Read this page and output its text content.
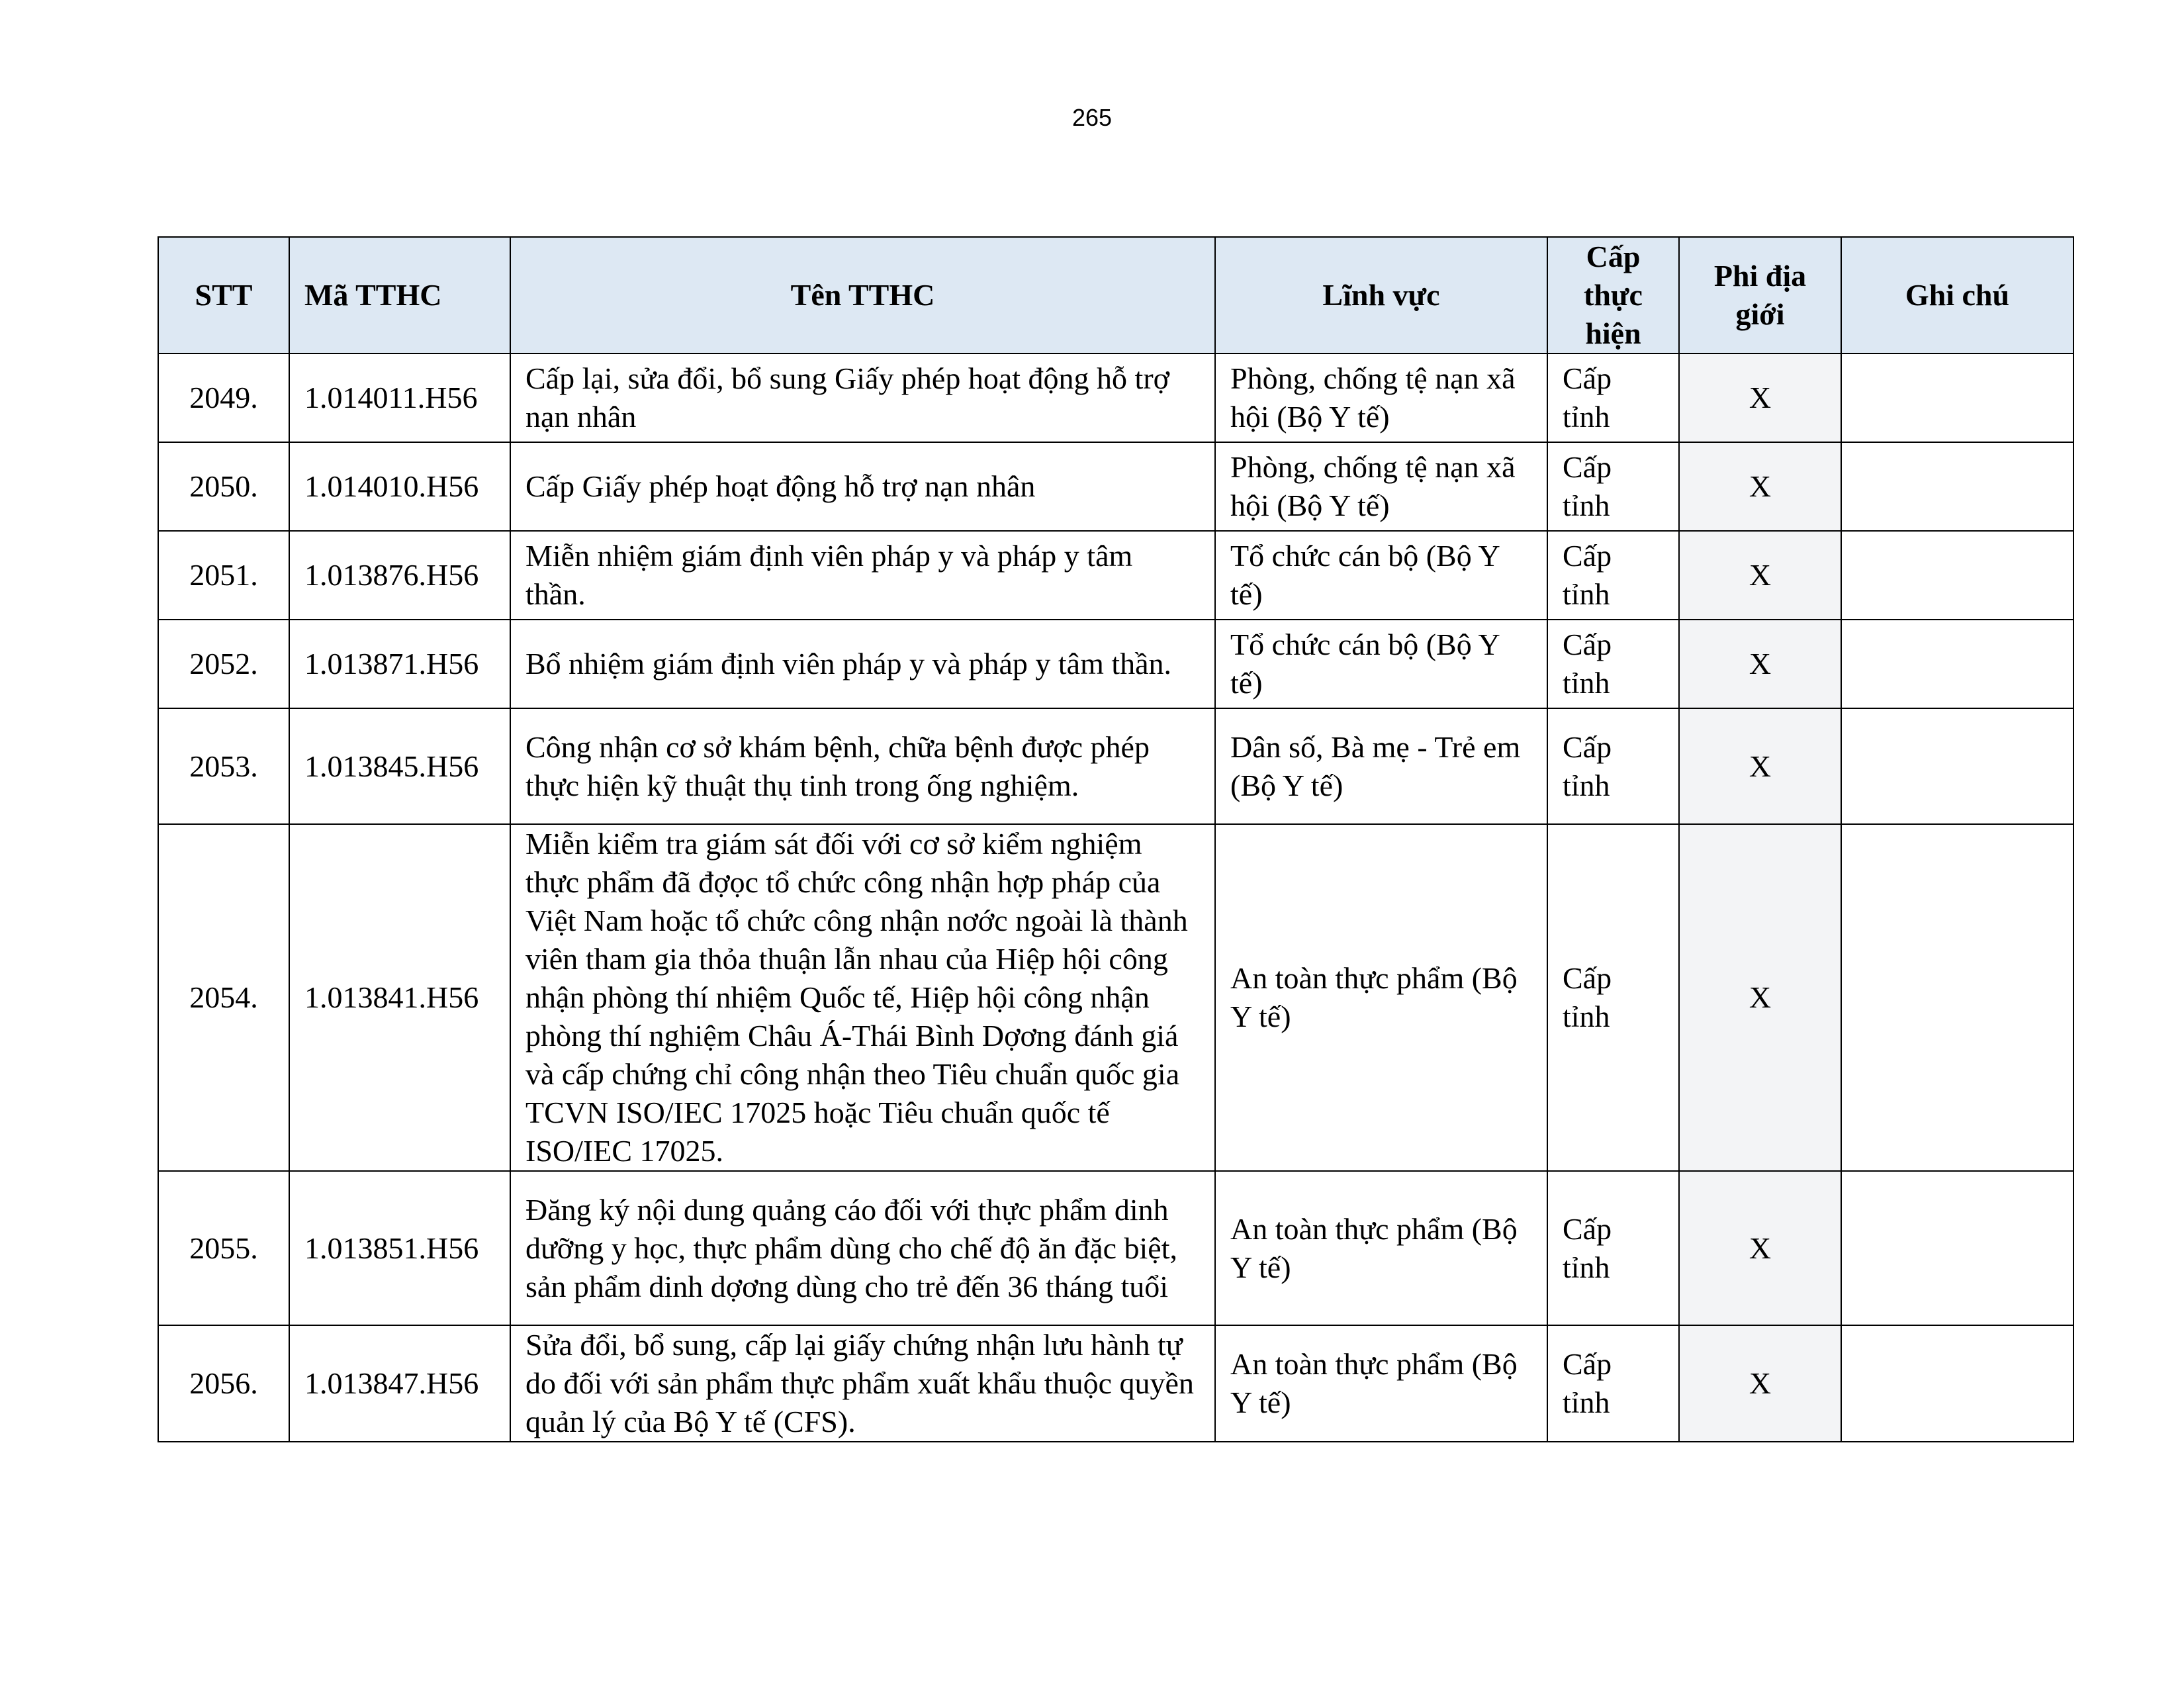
265
STT	Mã TTHC	Tên TTHC	Lĩnh vực	Cấp thực hiện	Phi địa giới	Ghi chú
2049.	1.014011.H56	Cấp lại, sửa đổi, bổ sung Giấy phép hoạt động hỗ trợ nạn nhân	Phòng, chống tệ nạn xã hội (Bộ Y tế)	Cấp tỉnh	X	
2050.	1.014010.H56	Cấp Giấy phép hoạt động hỗ trợ nạn nhân	Phòng, chống tệ nạn xã hội (Bộ Y tế)	Cấp tỉnh	X	
2051.	1.013876.H56	Miễn nhiệm giám định viên pháp y và pháp y tâm thần.	Tổ chức cán bộ (Bộ Y tế)	Cấp tỉnh	X	
2052.	1.013871.H56	Bổ nhiệm giám định viên pháp y và pháp y tâm thần.	Tổ chức cán bộ (Bộ Y tế)	Cấp tỉnh	X	
2053.	1.013845.H56	Công nhận cơ sở khám bệnh, chữa bệnh được phép thực hiện kỹ thuật thụ tinh trong ống nghiệm.	Dân số, Bà mẹ - Trẻ em (Bộ Y tế)	Cấp tỉnh	X	
2054.	1.013841.H56	Miễn kiểm tra giám sát đối với cơ sở kiểm nghiệm thực phẩm đã đợọc tổ chức công nhận hợp pháp của Việt Nam hoặc tổ chức công nhận nơớc ngoài là thành viên tham gia thỏa thuận lẫn nhau của Hiệp hội công nhận phòng thí nhiệm Quốc tế, Hiệp hội công nhận phòng thí nghiệm Châu Á-Thái Bình Dợơng đánh giá và cấp chứng chỉ công nhận theo Tiêu chuẩn quốc gia TCVN ISO/IEC 17025 hoặc Tiêu chuẩn quốc tế ISO/IEC 17025.	An toàn thực phẩm (Bộ Y tế)	Cấp tỉnh	X	
2055.	1.013851.H56	Đăng ký nội dung quảng cáo đối với thực phẩm dinh dưỡng y học, thực phẩm dùng cho chế độ ăn đặc biệt, sản phẩm dinh dợơng dùng cho trẻ đến 36 tháng tuổi	An toàn thực phẩm (Bộ Y tế)	Cấp tỉnh	X	
2056.	1.013847.H56	Sửa đổi, bổ sung, cấp lại giấy chứng nhận lưu hành tự do đối với sản phẩm thực phẩm xuất khẩu thuộc quyền quản lý của Bộ Y tế (CFS).	An toàn thực phẩm (Bộ Y tế)	Cấp tỉnh	X	
